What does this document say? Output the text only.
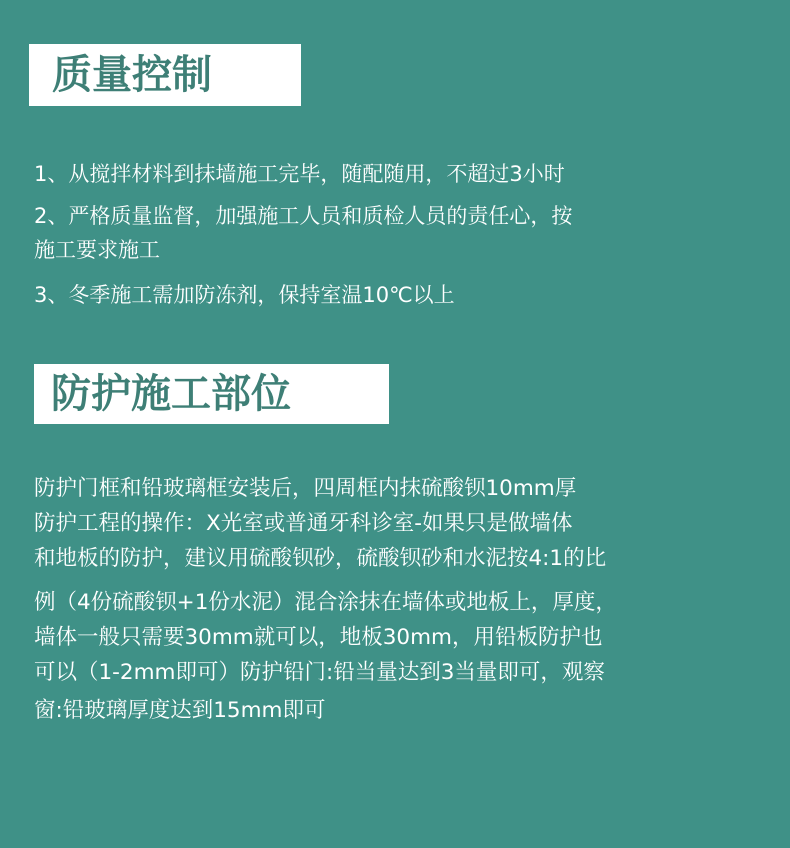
质量控制
1、从搅拌材料到抹墙施工完毕，随配随用，不超过3小时
2、严格质量监督，加强施工人员和质检人员的责任心，按
施工要求施工
3、冬季施工需加防冻剂，保持室温10℃以上
防护施工部位
防护门框和铅玻璃框安装后，四周框内抹硫酸钡10mm厚
防护工程的操作：X光室或普通牙科诊室-如果只是做墙体
和地板的防护，建议用硫酸钡砂，硫酸钡砂和水泥按4:1的比
例（4份硫酸钡+1份水泥）混合涂抹在墙体或地板上，厚度，
墙体一般只需要30mm就可以，地板30mm，用铅板防护也
可以（1-2mm即可）防护铅门:铅当量达到3当量即可，观察
窗:铅玻璃厚度达到15mm即可
